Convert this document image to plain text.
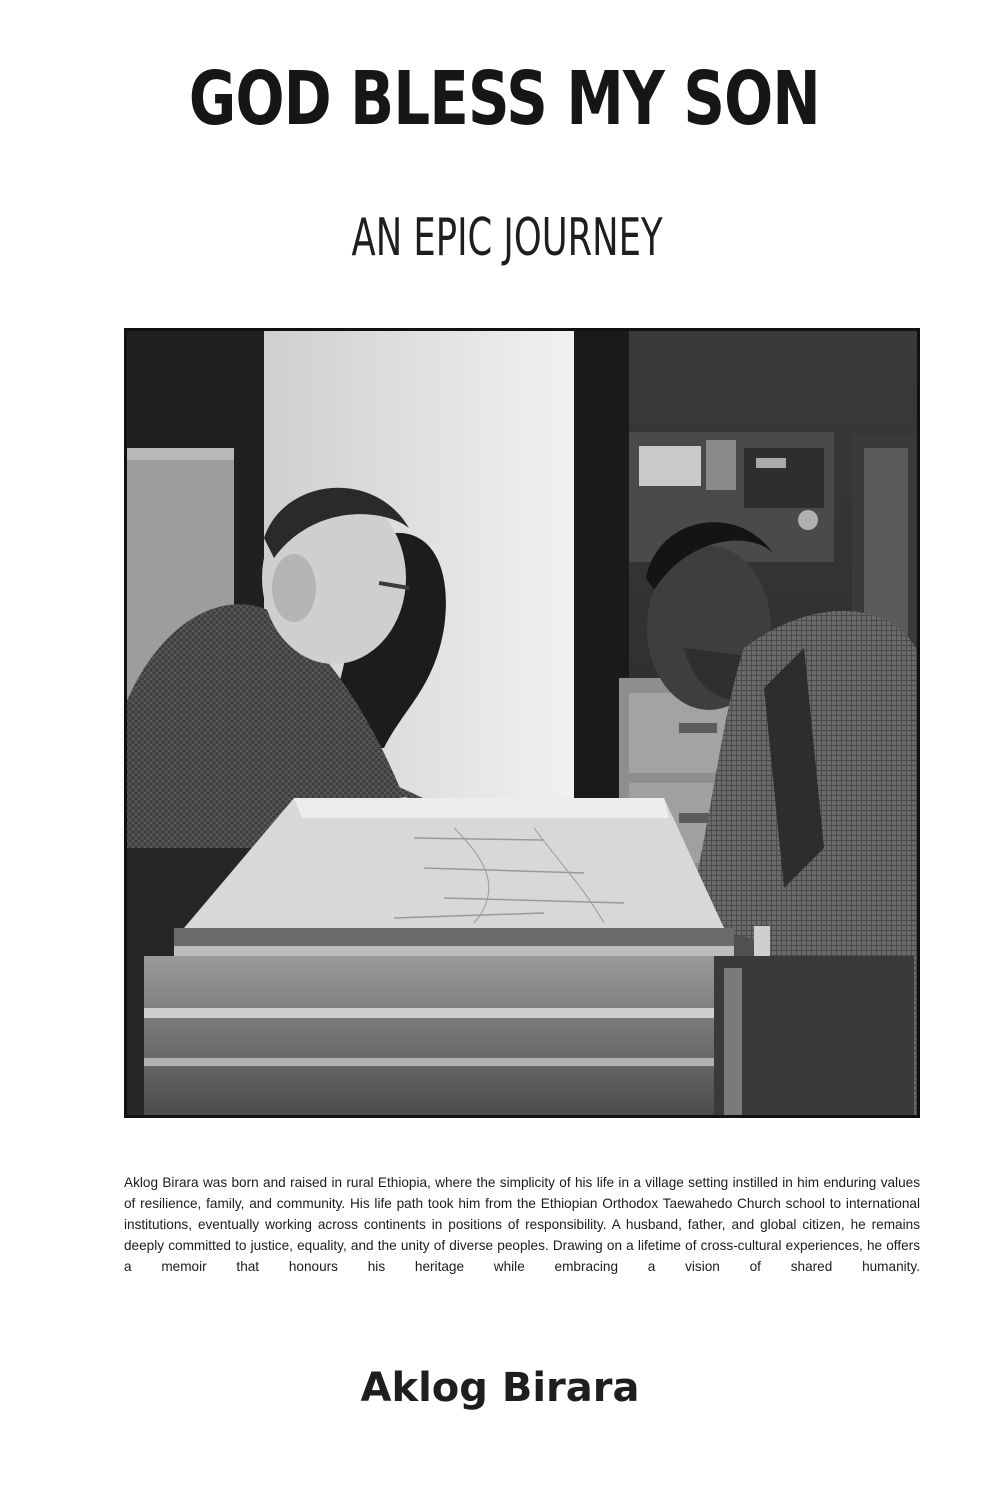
GOD BLESS MY SON
AN EPIC JOURNEY
Aklog Birara was born and raised in rural Ethiopia, where the simplicity of his life in a village setting instilled in him enduring values of resilience, family, and community. His life path took him from the Ethiopian Orthodox Taewahedo Church school to international institutions, eventually working across continents in positions of responsibility. A husband, father, and global citizen, he remains deeply committed to justice, equality, and the unity of diverse peoples. Drawing on a lifetime of cross-cultural experiences, he offers a memoir that honours his heritage while embracing a vision of shared humanity.
Aklog Birara
